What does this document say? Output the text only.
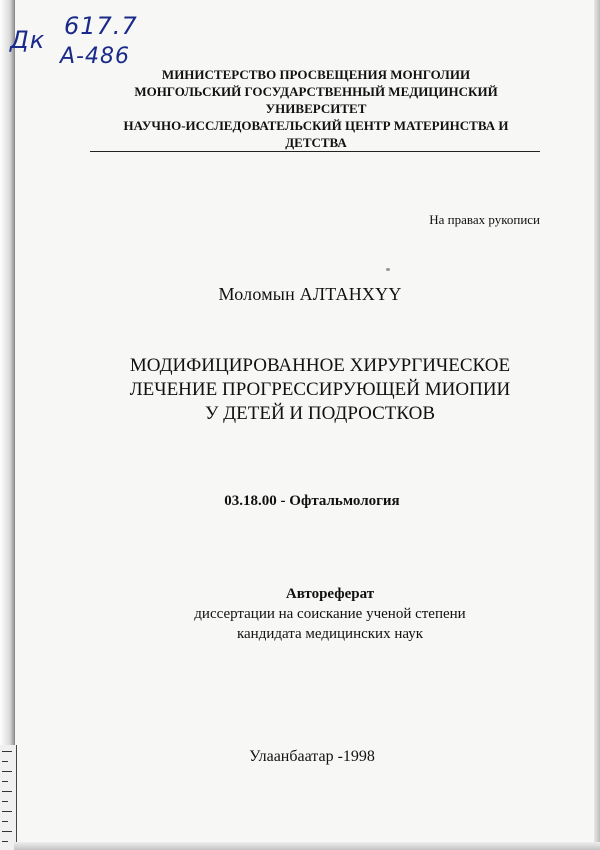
Дк 617.7
А-486
МИНИСТЕРСТВО ПРОСВЕЩЕНИЯ МОНГОЛИИ
МОНГОЛЬСКИЙ ГОСУДАРСТВЕННЫЙ МЕДИЦИНСКИЙ
УНИВЕРСИТЕТ
НАУЧНО-ИССЛЕДОВАТЕЛЬСКИЙ ЦЕНТР МАТЕРИНСТВА И
ДЕТСТВА
На правах рукописи
Моломын АЛТАНХҮҮ
МОДИФИЦИРОВАННОЕ ХИРУРГИЧЕСКОЕ
ЛЕЧЕНИЕ ПРОГРЕССИРУЮЩЕЙ МИОПИИ
У ДЕТЕЙ И ПОДРОСТКОВ
03.18.00 - Офтальмология
Автореферат
диссертации на соискание ученой степени
кандидата медицинских наук
Улаанбаатар -1998
